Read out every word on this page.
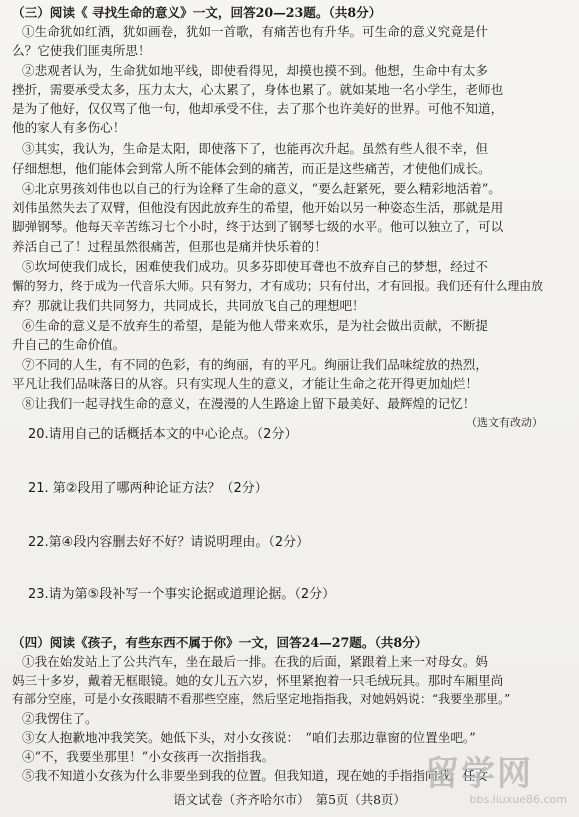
（三）阅读《 寻找生命的意义》一文，回答20—23题。（共8分）
①生命犹如红酒，犹如画卷，犹如一首歌，有痛苦也有升华。可生命的意义究竟是什
么？它使我们匪夷所思！
②悲观者认为，生命犹如地平线，即使看得见，却摸也摸不到。他想，生命中有太多
挫折，需要承受太多，压力太大，心太累了，身体也累了。就如某地一名小学生，老师也
是为了他好，仅仅骂了他一句，他却承受不住，去了那个也许美好的世界。可他不知道，
他的家人有多伤心！
③其实，我认为，生命是太阳，即使落下了，也能再次升起。虽然有些人很不幸，但
仔细想想，他们能体会到常人所不能体会到的痛苦，而正是这些痛苦，才使他们成长。
④北京男孩刘伟也以自己的行为诠释了生命的意义，“要么赶紧死，要么精彩地活着”。
刘伟虽然失去了双臂，但他没有因此放弃生的希望，他开始以另一种姿态生活，那就是用
脚弹钢琴。他每天辛苦练习七个小时，终于达到了钢琴七级的水平。他可以独立了，可以
养活自己了！过程虽然很痛苦，但那也是痛并快乐着的！
⑤坎坷使我们成长，困难使我们成功。贝多芬即使耳聋也不放弃自己的梦想，经过不
懈的努力，终于成为一代音乐大师。只有努力，才有成功；只有付出，才有回报。我们还有什么理由放
弃？那就让我们共同努力，共同成长，共同放飞自己的理想吧！
⑥生命的意义是不放弃生的希望，是能为他人带来欢乐，是为社会做出贡献，不断提
升自己的生命价值。
⑦不同的人生，有不同的色彩，有的绚丽，有的平凡。绚丽让我们品味绽放的热烈，
平凡让我们品味落日的从容。只有实现人生的意义，才能让生命之花开得更加灿烂！
⑧让我们一起寻找生命的意义，在漫漫的人生路途上留下最美好、最辉煌的记忆！
（选文有改动）
20.请用自己的话概括本文的中心论点。（2分）
21. 第②段用了哪两种论证方法？（2分）
22.第④段内容删去好不好？请说明理由。（2分）
23.请为第⑤段补写一个事实论据或道理论据。（2分）
（四）阅读《孩子，有些东西不属于你》一文，回答24—27题。（共8分）
①我在始发站上了公共汽车，坐在最后一排。在我的后面，紧跟着上来一对母女。妈
妈三十多岁，戴着无框眼镜。她的女儿五六岁，怀里紧抱着一只毛绒玩具。那时车厢里尚
有部分空座，可是小女孩眼睛不看那些空座，然后坚定地指指我，对她妈妈说：“我要坐那里。”
②我愣住了。
③女人抱歉地冲我笑笑。她低下头，对小女孩说：　“咱们去那边靠窗的位置坐吧。”
④“不，我要坐那里！”小女孩再一次指指我。
⑤我不知道小女孩为什么非要坐到我的位置。但我知道，现在她的手指指向我，任女
语文试卷（齐齐哈尔市）　第5页（共8页）
留学网
bbs.liuxue86.com
